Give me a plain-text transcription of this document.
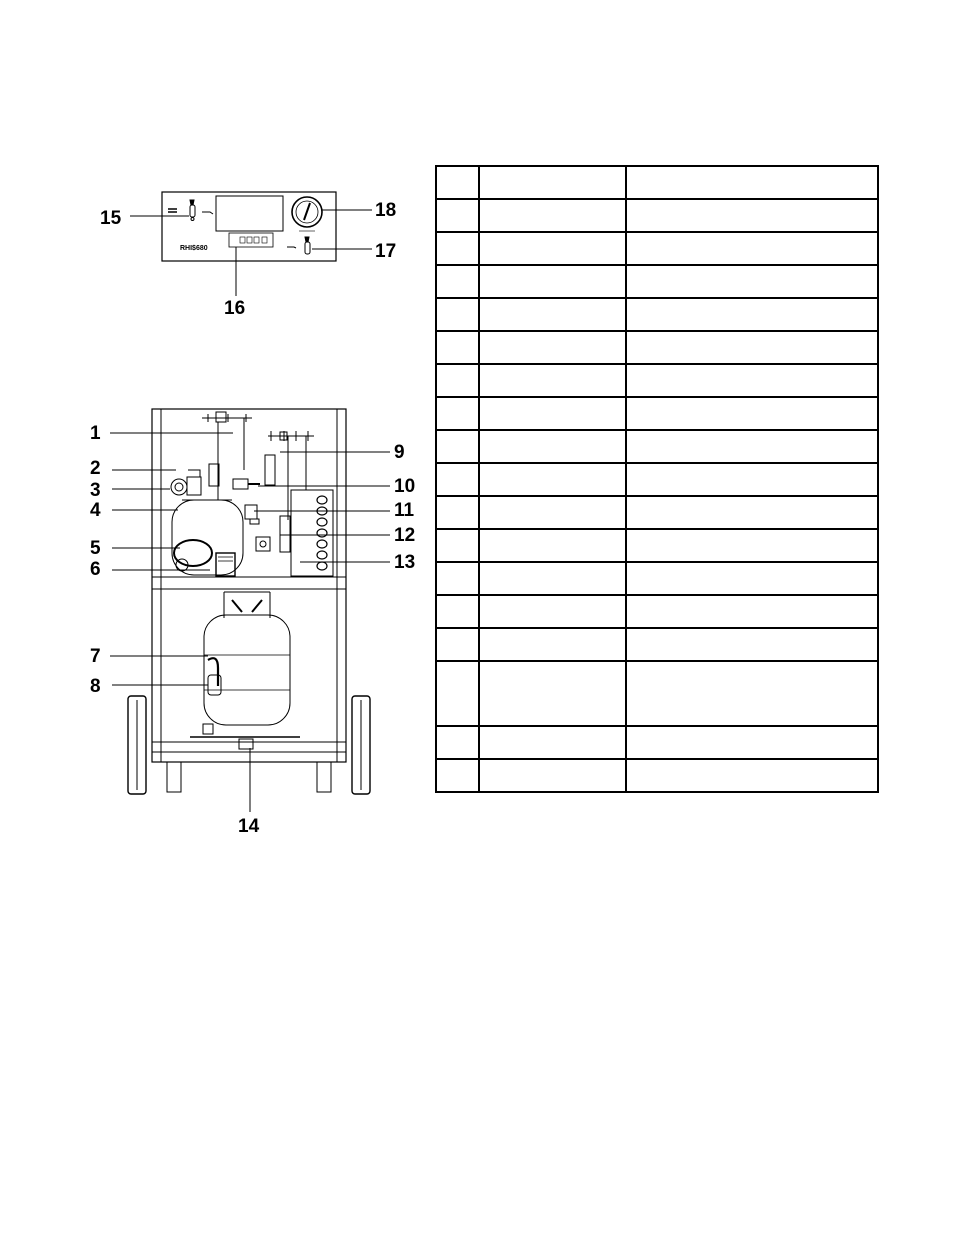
RHI$680
1
2
3
4
5
6
7
8
9
10
11
12
13
14
15
16
17
18
